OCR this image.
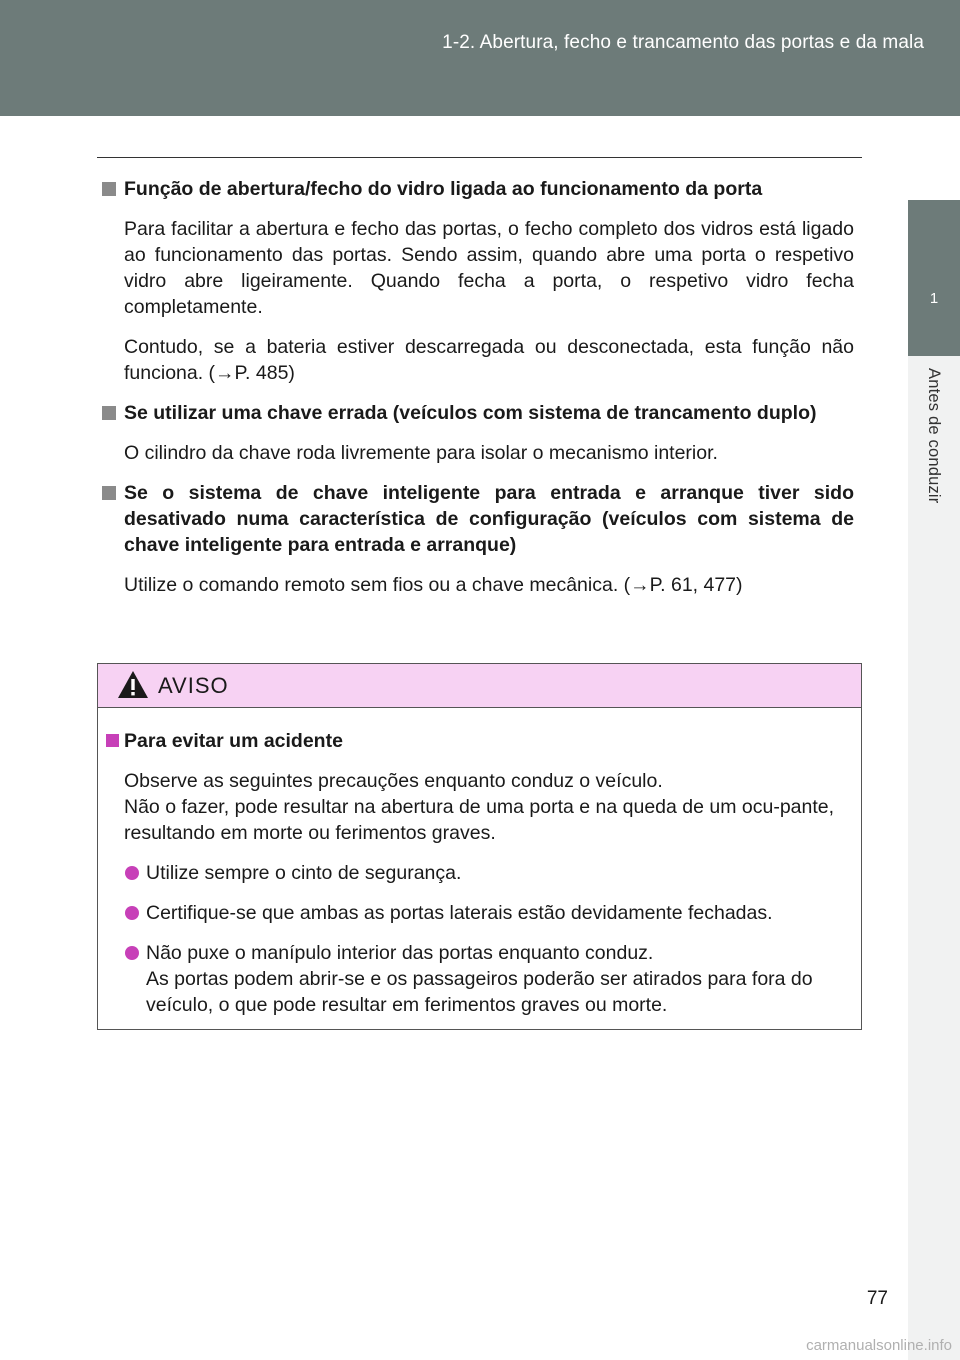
1-2. Abertura, fecho e trancamento das portas e da mala
1
Antes de conduzir

Função de abertura/fecho do vidro ligada ao funcionamento da porta

Para facilitar a abertura e fecho das portas, o fecho completo dos vidros está ligado ao funcionamento das portas. Sendo assim, quando abre uma porta o respetivo vidro abre ligeiramente. Quando fecha a porta, o respetivo vidro fecha completamente.

Contudo, se a bateria estiver descarregada ou desconectada, esta função não funciona. (→P. 485)

Se utilizar uma chave errada (veículos com sistema de trancamento duplo)

O cilindro da chave roda livremente para isolar o mecanismo interior.

Se o sistema de chave inteligente para entrada e arranque tiver sido desativado numa característica de configuração (veículos com sistema de chave inteligente para entrada e arranque)

Utilize o comando remoto sem fios ou a chave mecânica. (→P. 61, 477)

AVISO

Para evitar um acidente

Observe as seguintes precauções enquanto conduz o veículo.
Não o fazer, pode resultar na abertura de uma porta e na queda de um ocu-pante, resultando em morte ou ferimentos graves.

Utilize sempre o cinto de segurança.
Certifique-se que ambas as portas laterais estão devidamente fechadas.
Não puxe o manípulo interior das portas enquanto conduz.
As portas podem abrir-se e os passageiros poderão ser atirados para fora do veículo, o que pode resultar em ferimentos graves ou morte.
77
carmanualsonline.info
